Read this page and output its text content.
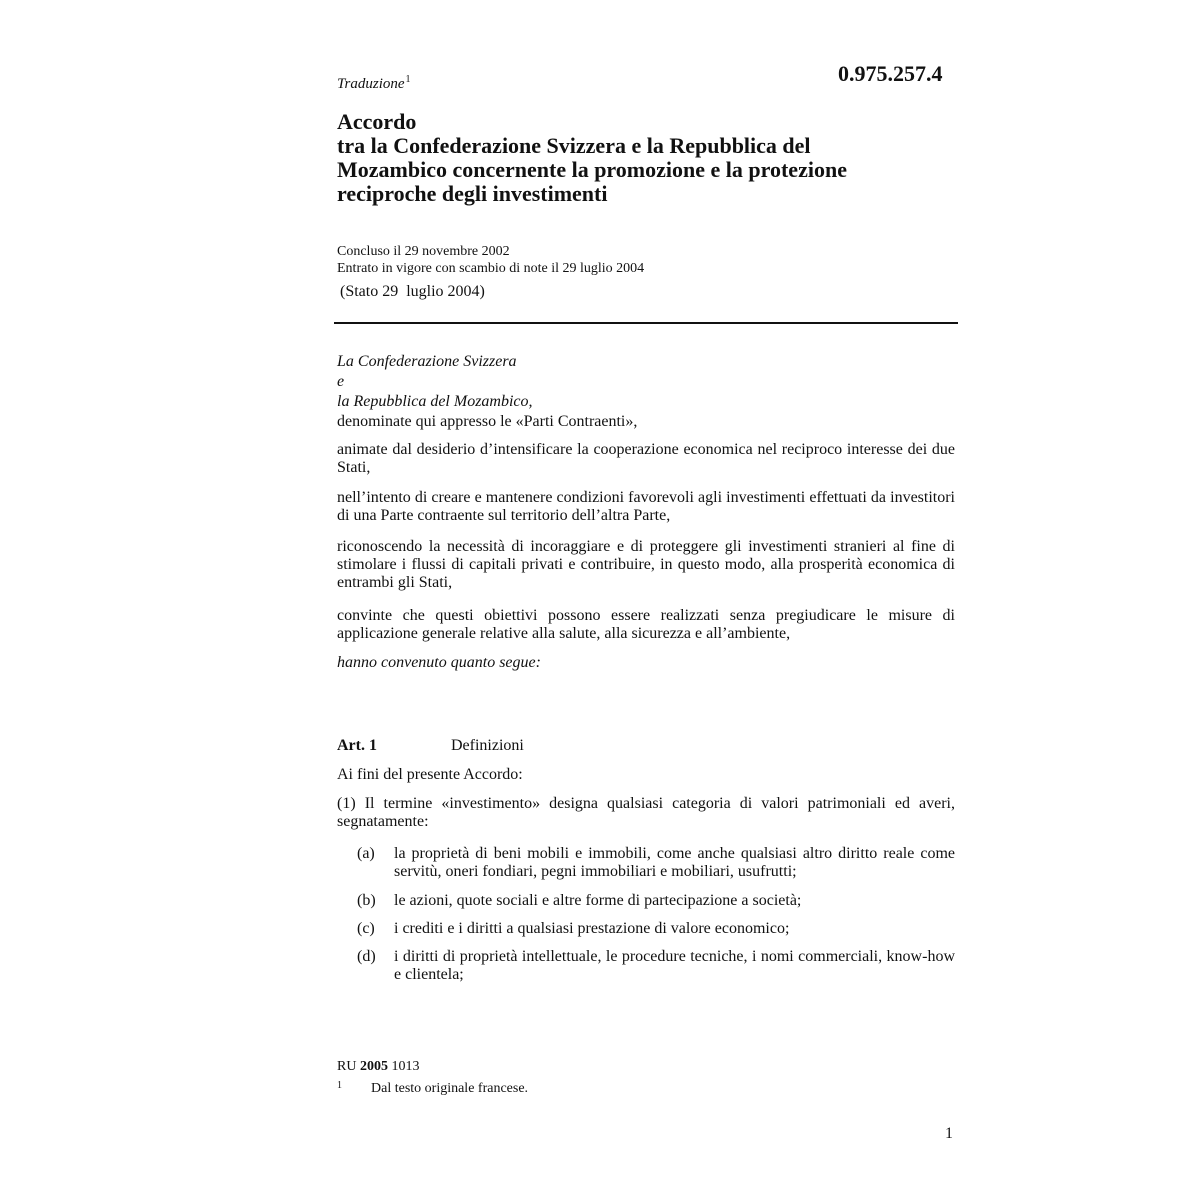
Traduzione$^1$	0.975.257.4
Accordo
tra la Confederazione Svizzera e la Repubblica del
Mozambico concernente la promozione e la protezione
reciproche degli investimenti
Concluso il 29 novembre 2002
Entrato in vigore con scambio di note il 29 luglio 2004
(Stato 29  luglio 2004)
La Confederazione Svizzera
e
la Repubblica del Mozambico,
denominate qui appresso le «Parti Contraenti»,
animate dal desiderio d’intensificare la cooperazione economica nel reciproco interesse dei due Stati,
nell’intento di creare e mantenere condizioni favorevoli agli investimenti effettuati da investitori di una Parte contraente sul territorio dell’altra Parte,
riconoscendo la necessità di incoraggiare e di proteggere gli investimenti stranieri al fine di stimolare i flussi di capitali privati e contribuire, in questo modo, alla prosperità economica di entrambi gli Stati,
convinte che questi obiettivi possono essere realizzati senza pregiudicare le misure di applicazione generale relative alla salute, alla sicurezza e all’ambiente,
hanno convenuto quanto segue:
Art. 1	Definizioni
Ai fini del presente Accordo:
(1) Il termine «investimento» designa qualsiasi categoria di valori patrimoniali ed averi, segnatamente:
(a) la proprietà di beni mobili e immobili, come anche qualsiasi altro diritto reale come servitù, oneri fondiari, pegni immobiliari e mobiliari, usufrutti;
(b) le azioni, quote sociali e altre forme di partecipazione a società;
(c) i crediti e i diritti a qualsiasi prestazione di valore economico;
(d) i diritti di proprietà intellettuale, le procedure tecniche, i nomi commerciali, know-how e clientela;
RU 2005 1013
1 Dal testo originale francese.
1
